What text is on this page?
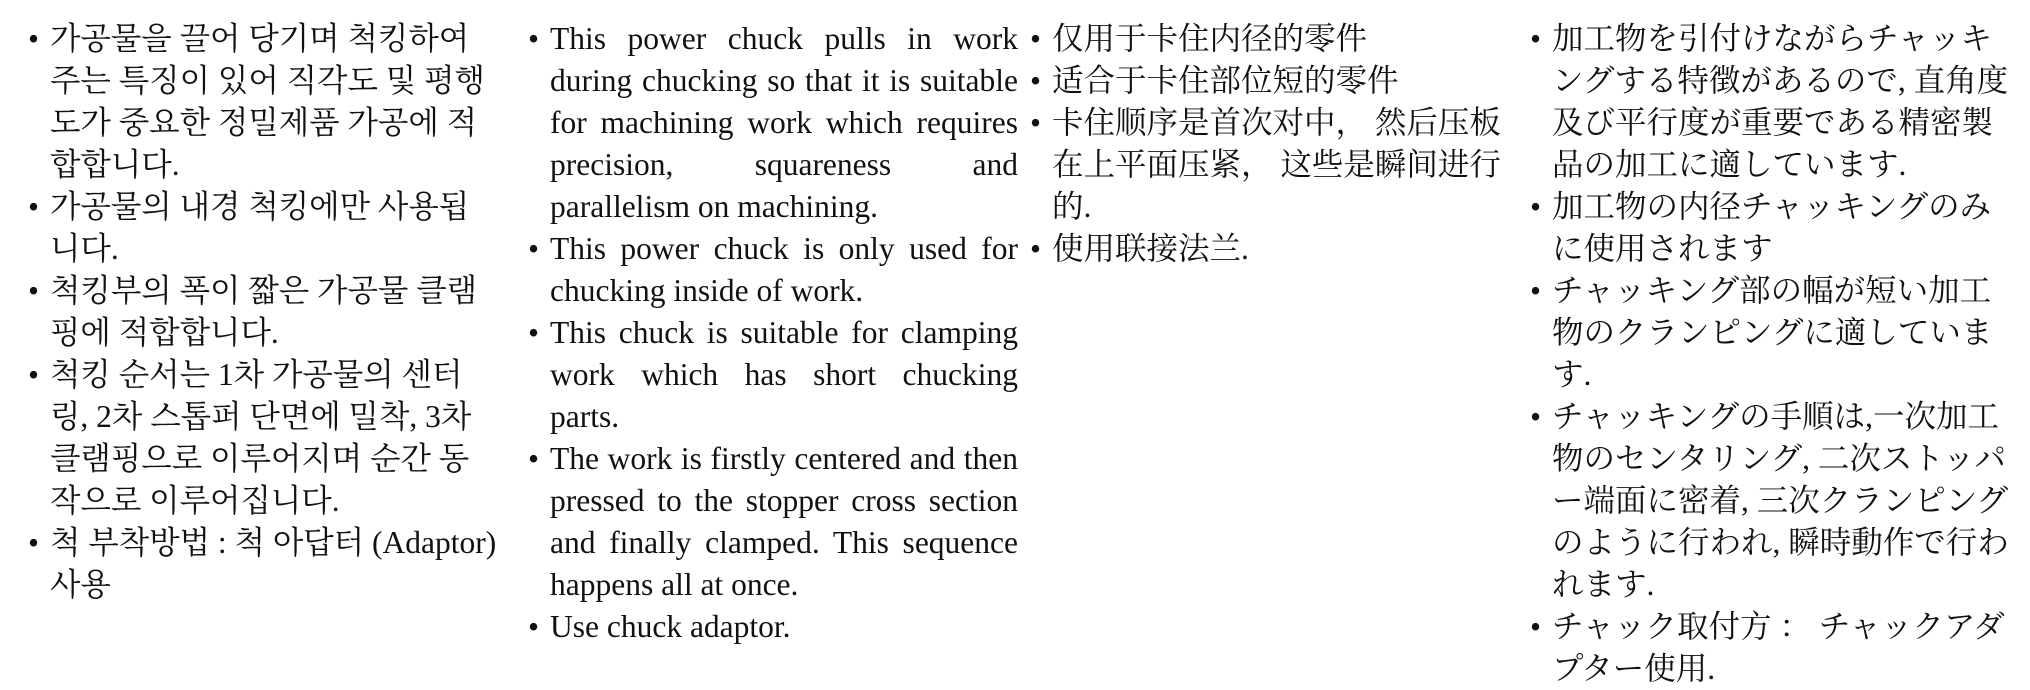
• 가공물을 끌어 당기며 척킹하여 주는 특징이 있어 직각도 및 평행도가 중요한 정밀제품 가공에 적합합니다.
• 가공물의 내경 척킹에만 사용됩니다.
• 척킹부의 폭이 짧은 가공물 클램핑에 적합합니다.
• 척킹 순서는 1차 가공물의 센터링, 2차 스톱퍼 단면에 밀착, 3차 클램핑으로 이루어지며 순간 동작으로 이루어집니다.
• 척 부착방법 : 척 아답터 (Adaptor)사용
• This power chuck pulls in work during chucking so that it is suitable for machining work which requires precision, squareness and parallelism on machining.
• This power chuck is only used for chucking inside of work.
• This chuck is suitable for clamping work which has short chucking parts.
• The work is firstly centered and then pressed to the stopper cross section and finally clamped. This sequence happens all at once.
• Use chuck adaptor.
• 仅用于卡住内径的零件
• 适合于卡住部位短的零件
• 卡住顺序是首次对中， 然后压板在上平面压紧， 这些是瞬间进行的.
• 使用联接法兰.
• 加工物を引付けながらチャッキングする特徴があるので, 直角度及び平行度が重要である精密製品の加工に適しています.
• 加工物の内径チャッキングのみに使用されます
• チャッキング部の幅が短い加工物のクランピングに適しています.
• チャッキングの手順は,一次加工物のセンタリング, 二次ストッパー端面に密着, 三次クランピングのように行われ, 瞬時動作で行われます.
• チャック取付方 ： チャックアダプター使用.
